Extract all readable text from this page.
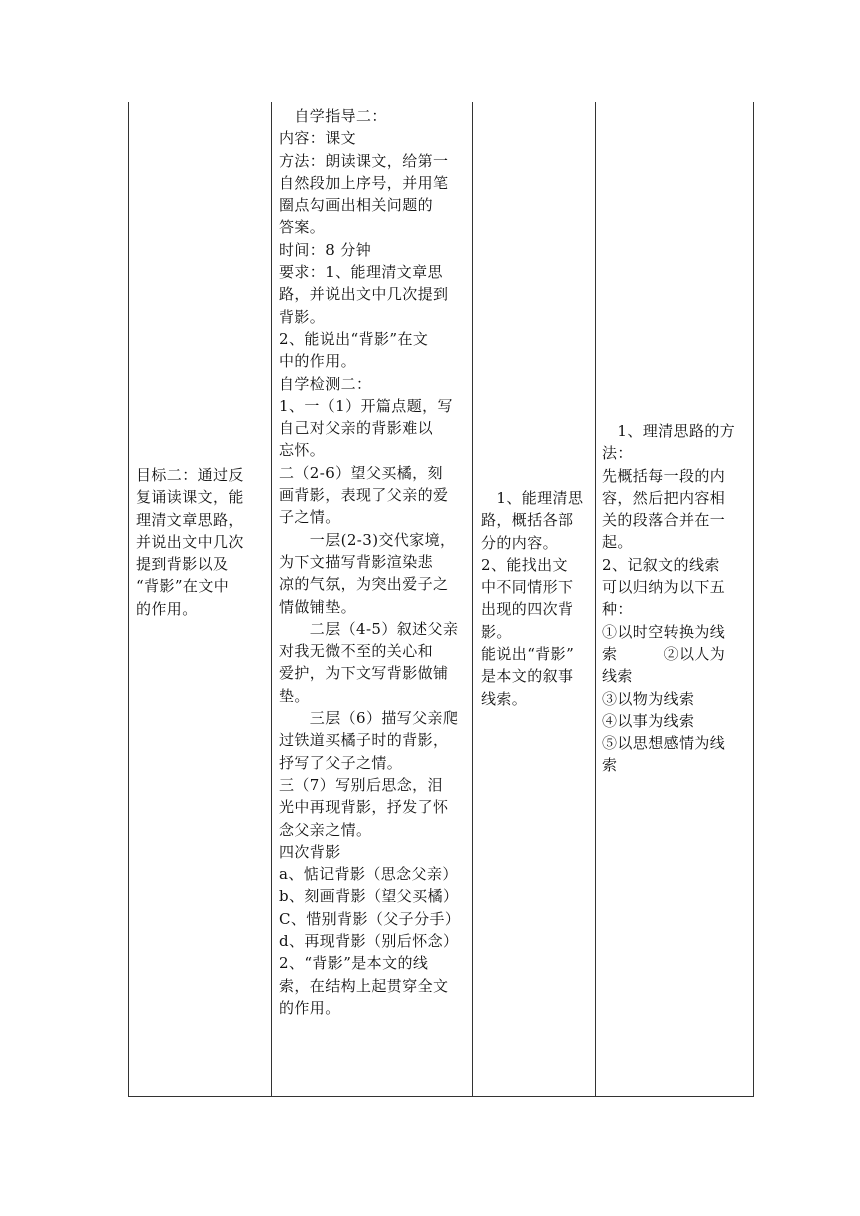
目标二：通过反

复诵读课文，能

理清文章思路，

并说出文中几次

提到背影以及

“背影”在文中

的作用。

　自学指导二：

内容：课文

方法：朗读课文，给第一

自然段加上序号，并用笔

圈点勾画出相关问题的

答案。

时间：8 分钟

要求：1、能理清文章思

路，并说出文中几次提到

背影。

2、能说出“背影”在文

中的作用。

自学检测二：

1、一（1）开篇点题，写

自己对父亲的背影难以

忘怀。

二（2-6）望父买橘，刻

画背影，表现了父亲的爱

子之情。

　　一层(2-3)交代家境，

为下文描写背影渲染悲

凉的气氛，为突出爱子之

情做铺垫。

　　二层（4-5）叙述父亲

对我无微不至的关心和

爱护，为下文写背影做铺

垫。

　　三层（6）描写父亲爬

过铁道买橘子时的背影，

抒写了父子之情。

三（7）写别后思念，泪

光中再现背影，抒发了怀

念父亲之情。

四次背影

a、惦记背影（思念父亲）

b、刻画背影（望父买橘）

C、惜别背影（父子分手）

d、再现背影（别后怀念）

2、“背影”是本文的线

索，在结构上起贯穿全文

的作用。

　1、能理清思

路，概括各部

分的内容。

2、能找出文

中不同情形下

出现的四次背

影。

能说出“背影”

是本文的叙事

线索。

　1、理清思路的方

法：

先概括每一段的内

容，然后把内容相

关的段落合并在一

起。

2、记叙文的线索

可以归纳为以下五

种：

①以时空转换为线

索　　　②以人为

线索

③以物为线索

④以事为线索

⑤以思想感情为线

索
